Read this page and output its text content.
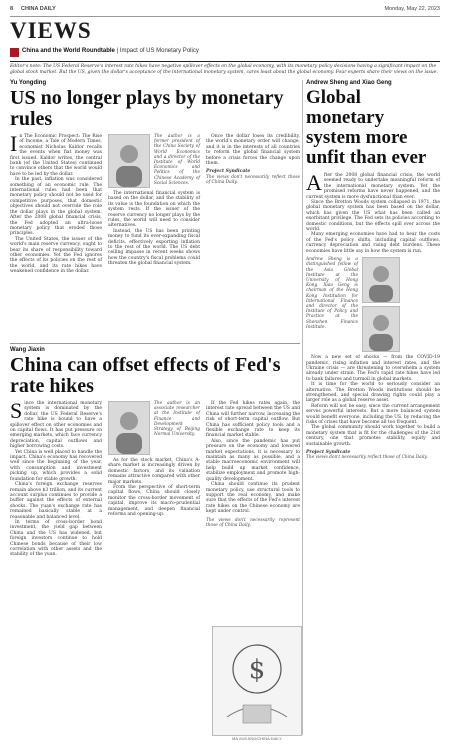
8 CHINA DAILY	Monday, May 22, 2023
VIEWS
China and the World Roundtable | Impact of US Monetary Policy
Editor's note: The US Federal Reserve's interest rate hikes have negative spillover effects on the global economy, with its monetary policy decisions having a significant impact on the global stock market. But the US, given the dollar's acceptance of the international monetary system, cares least about the global economy. Four experts share their views on the issue.
Yu Yongding
US no longer plays by monetary rules
I n The Economic Prospect: The Rise of Income, a Tale of Modern Times, economist Nicholas Kaldor recalls the events when fiat money was first issued. Kaldor writes, the central bank (of the United States) continued to convince others that the world would have to be led by the dollar.

In the past, inflation was considered something of an economic rule. The international rules had been that monetary policy should not be used for competitive purposes, that domestic objectives should not override the role the dollar plays in the global system. After the 2008 global financial crisis, the Fed adopted an ultra-loose monetary policy that eroded those principles.

The United States, the issuer of the world's main reserve currency, ought to bear its share of responsibility toward other economies. Yet the Fed ignores the effects of its policies on the rest of the world, and its rate hikes have weakened confidence in the dollar.

The author is a former president of the China Society of World Economics and a director of the Institute of World Economics and Politics of the Chinese Academy of Social Sciences.

The international financial system is based on the dollar, and the stability of its value is the foundation on which the system rests. If the issuer of the reserve currency no longer plays by the rules, the world will need to consider alternatives.

Instead, the US has been printing money to fund its ever-expanding fiscal deficits, effectively exporting inflation to the rest of the world. The US debt ceiling impasse in recent weeks shows how the country's fiscal problems could threaten the global financial system.

Once the dollar loses its credibility, the world's monetary order will change, and it is in the interests of all countries to reform the global financial system before a crisis forces the change upon them.

Project Syndicate

The views don't necessarily reflect those of China Daily.

Wang Jiaxin
China can offset effects of Fed's rate hikes
S ince the international monetary system is dominated by the dollar, the US Federal Reserve's rate hike is bound to have a spillover effect on other economies and on capital flows. It has put pressure on emerging markets, which face currency depreciation, capital outflows and higher borrowing costs.

Yet China is well placed to handle the impact. China's economy has recovered well since the beginning of the year, with consumption and investment picking up, which provides a solid foundation for stable growth.

China's foreign exchange reserves remain above $3 trillion, and its current account surplus continues to provide a buffer against the effects of external shocks. The yuan's exchange rate has remained basically stable at a reasonable and balanced level.

In terms of cross-border bond investment, the yield gap between China and the US has widened, but foreign investors continue to hold Chinese bonds because of their low correlation with other assets and the stability of the yuan.

The author is an associate researcher at the Institute of Finance and Development Strategy of Beijing Normal University.

As for the stock market, China's A-share market is increasingly driven by domestic factors, and its valuation remains attractive compared with other major markets.

From the perspective of short-term capital flows, China should closely monitor the cross-border movement of capital, improve its macro-prudential management, and deepen financial reforms and opening-up.

If the Fed hikes rates again, the interest rate spread between the US and China will further narrow, increasing the risk of short-term capital outflow. But China has sufficient policy tools and a flexible exchange rate to keep its financial market stable.

Also, since the pandemic has put pressure on the economy and lowered market expectations, it is necessary to maintain as many as possible, and a stable macroeconomic environment will help build up market confidence, stabilize employment and promote high-quality development.

China should continue its prudent monetary policy, use structural tools to support the real economy, and make sure that the effects of the Fed's interest rate hikes on the Chinese economy are kept under control.

The views don't necessarily represent those of China Daily.

$
MA XUEJING/CHINA DAILY
Andrew Sheng and Xiao Geng
Global monetary system more unfit than ever
A fter the 2008 global financial crisis, the world seemed ready to undertake meaningful reform of the international monetary system. Yet the promised reforms have never happened, and the current system is more dysfunctional than ever.

Since the Bretton Woods system collapsed in 1971, the global monetary system has been based on the dollar, which has given the US what has been called an exorbitant privilege. The Fed sets its policies according to domestic conditions, but the effects spill over across the world.

Many emerging economies have had to bear the costs of the Fed's policy shifts, including capital outflows, currency depreciation and rising debt burdens. These economies have little say in how the system is run.

Andrew Sheng is a distinguished fellow of the Asia Global Institute at the University of Hong Kong. Xiao Geng is chairman of the Hong Kong Institution for International Finance and director of the Institute of Policy and Practice at the Shenzhen Finance Institute.

Now a new set of shocks — from the COVID-19 pandemic, rising inflation and interest rates, and the Ukraine crisis — are threatening to overwhelm a system already under strain. The Fed's rapid rate hikes have led to bank failures and turmoil in global markets.

It is time for the world to seriously consider an alternative. The Bretton Woods institutions should be strengthened, and special drawing rights could play a larger role as a global reserve asset.

Reform will not be easy, since the current arrangement serves powerful interests. But a more balanced system would benefit everyone, including the US, by reducing the risks of crises that have become all too frequent.

The global community should work together to build a monetary system that is fit for the challenges of the 21st century, one that promotes stability, equity and sustainable growth.

Project Syndicate

The views don't necessarily reflect those of China Daily.
